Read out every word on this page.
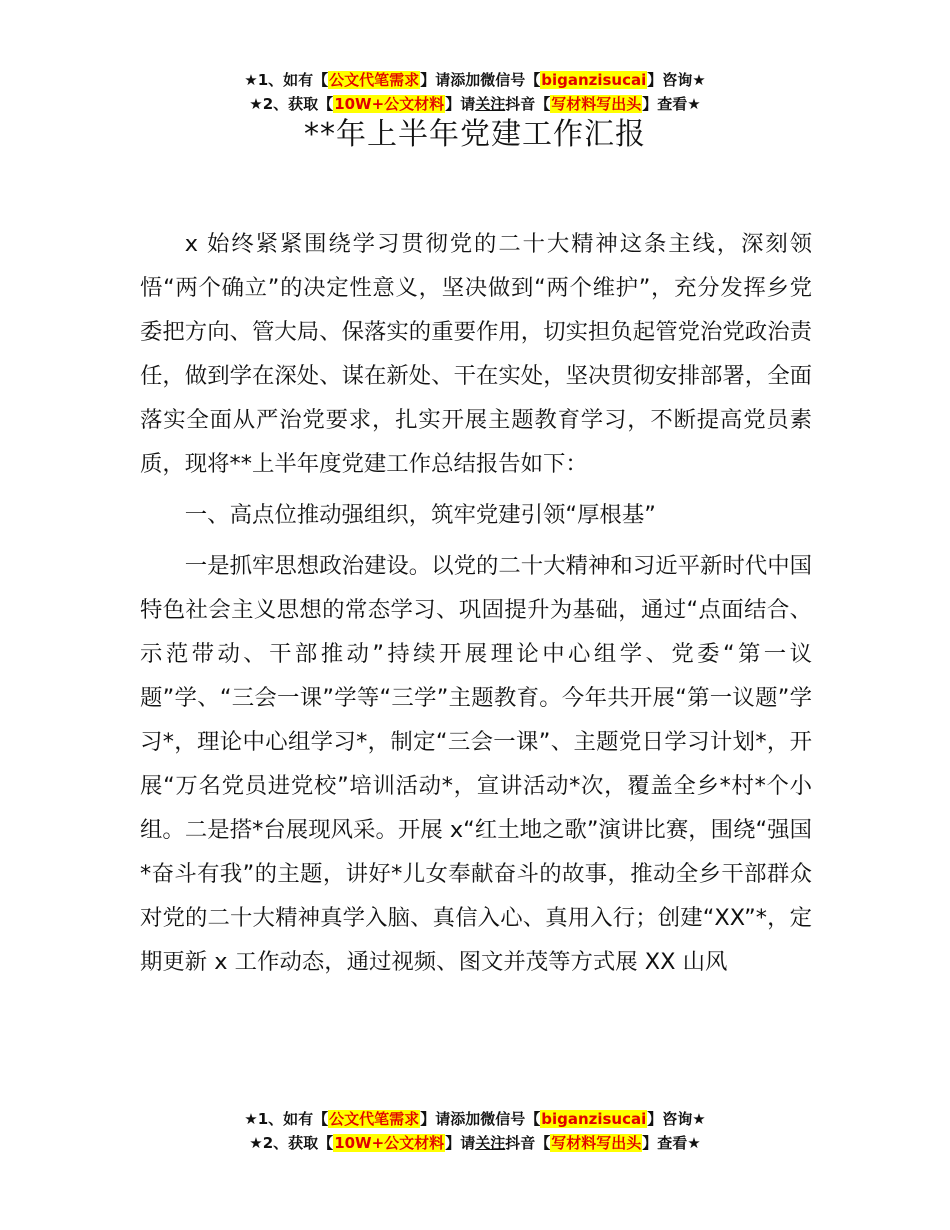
★1、如有【公文代笔需求】请添加微信号【biganzisucai】咨询★
★2、获取【10W+公文材料】请关注抖音【写材料写出头】查看★
**年上半年党建工作汇报

x 始终紧紧围绕学习贯彻党的二十大精神这条主线，深刻领悟“两个确立”的决定性意义，坚决做到“两个维护”，充分发挥乡党委把方向、管大局、保落实的重要作用，切实担负起管党治党政治责任，做到学在深处、谋在新处、干在实处，坚决贯彻安排部署，全面落实全面从严治党要求，扎实开展主题教育学习，不断提高党员素质，现将**上半年度党建工作总结报告如下：

一、高点位推动强组织，筑牢党建引领“厚根基”

一是抓牢思想政治建设。以党的二十大精神和习近平新时代中国特色社会主义思想的常态学习、巩固提升为基础，通过“点面结合、示范带动、干部推动”持续开展理论中心组学、党委“第一议题”学、“三会一课”学等“三学”主题教育。今年共开展“第一议题”学习*，理论中心组学习*，制定“三会一课”、主题党日学习计划*，开展“万名党员进党校”培训活动*，宣讲活动*次，覆盖全乡*村*个小组。二是搭*台展现风采。开展 x“红土地之歌”演讲比赛，围绕“强国*奋斗有我”的主题，讲好*儿女奉献奋斗的故事，推动全乡干部群众对党的二十大精神真学入脑、真信入心、真用入行；创建“XX”*，定期更新 x 工作动态，通过视频、图文并茂等方式展 XX 山风

★1、如有【公文代笔需求】请添加微信号【biganzisucai】咨询★
★2、获取【10W+公文材料】请关注抖音【写材料写出头】查看★
